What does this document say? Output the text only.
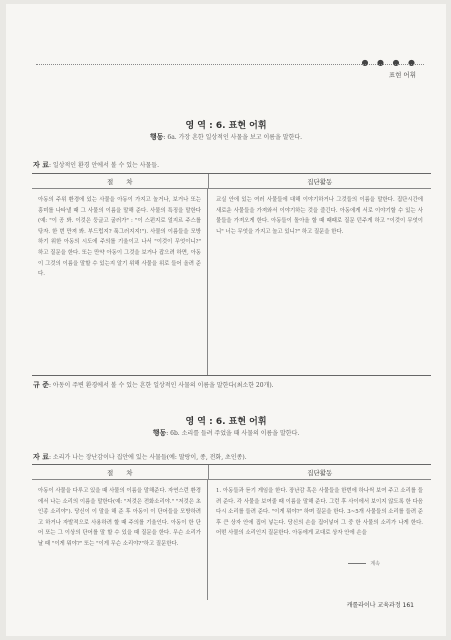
● ● ● ●
표현 어휘
영 역 : 6. 표현 어휘
행동: 6a. 가장 흔한 일상적인 사물을 보고 이름을 말한다.
자 료: 일상적인 환경 안에서 볼 수 있는 사물들.
절　　차	집단활동
아동의 주위 환경에 있는 사물을 아동이 가지고 놀거나, 보거나 또는 흥미를 나타낼 때 그 사물의 이름을 말해 준다. 사물의 특징을 말한다(예: "이 공 봐. 이것은 둥글고 굴러가" : "이 스펀지로 얼지르 주스를 닦자. 한 번 만져 봐. 부드럽지? 푹그러지지!"). 사물의 이름들을 모방하기 위한 아동의 시도에 주의를 기울이고 나서 "이것이 무엇이니?" 하고 질문을 한다. 또는 만약 아동이 그것을 보거나 잡으려 하면, 아동이 그것의 이름을 말할 수 있는지 알기 위해 사물을 위로 들어 올려 준다.
교실 안에 있는 여러 사물들에 대해 이야기하거나 그것들의 이름을 말한다. 집단시간에 새로운 사물들을 가져와서 이야기하는 것을 즐긴다. 아동에게 서로 이야기할 수 있는 사물들을 가져오게 한다. 아동들이 돌아올 할 때 때때로 질문 던주게 하고 "이것이 무엇이니" 너는 무엇을 가지고 놀고 있니?" 하고 질문을 한다.
규 준: 아동이 주변 환경에서 볼 수 있는 흔한 일상적인 사물의 이름을 말한다(최소한 20개).
영 역 : 6. 표현 어휘
행동: 6b. 소리를 들려 주었을 때 사물의 이름을 말한다.
자 료: 소리가 나는 장난감이나 집안에 있는 사물들(예: 딸랑이, 종, 전화, 초인종).
절　　차	집단활동
아동이 사물을 다루고 있을 때 사물의 이름을 말해준다. 자연스런 환경에서 나는 소리의 이름을 말한다(예: "저것은 전화소리야." "저것은 초인종 소리야"). 당신이 이 말을 해 준 후 아동이 이 단어들을 모방하려고 하거나 자발적으로 사용하려 할 때 주의를 기울인다. 아동이 한 단어 또는 그 이상의 단어를 말 할 수 있을 때 질문을 한다. 무슨 소리가 날 때 "이게 뭐야?" 또는 "이게 무슨 소리야?"하고 질문한다.
1. 아동들과 듣기 게임을 한다. 장난감 혹은 사물들을 한번에 하나씩 보여 주고 소리를 들려 준다. 각 사물을 보여줄 때 이름을 말해 준다. 그런 후 사이에서 보이지 않도록 한 다음 다시 소리를 들려 준다. "이게 뭐야?" 하며 질문을 한다. 3~5개 사물들의 소리를 들려 준 후 큰 상자 안에 집어 넣는다. 당신의 손을 집어넣어 그 중 한 사물의 소리가 나게 한다. 어떤 사물의 소리인지 질문한다. 아동에게 교대로 상자 안에 손을
계속
캐롤라이나 교육과정 161
